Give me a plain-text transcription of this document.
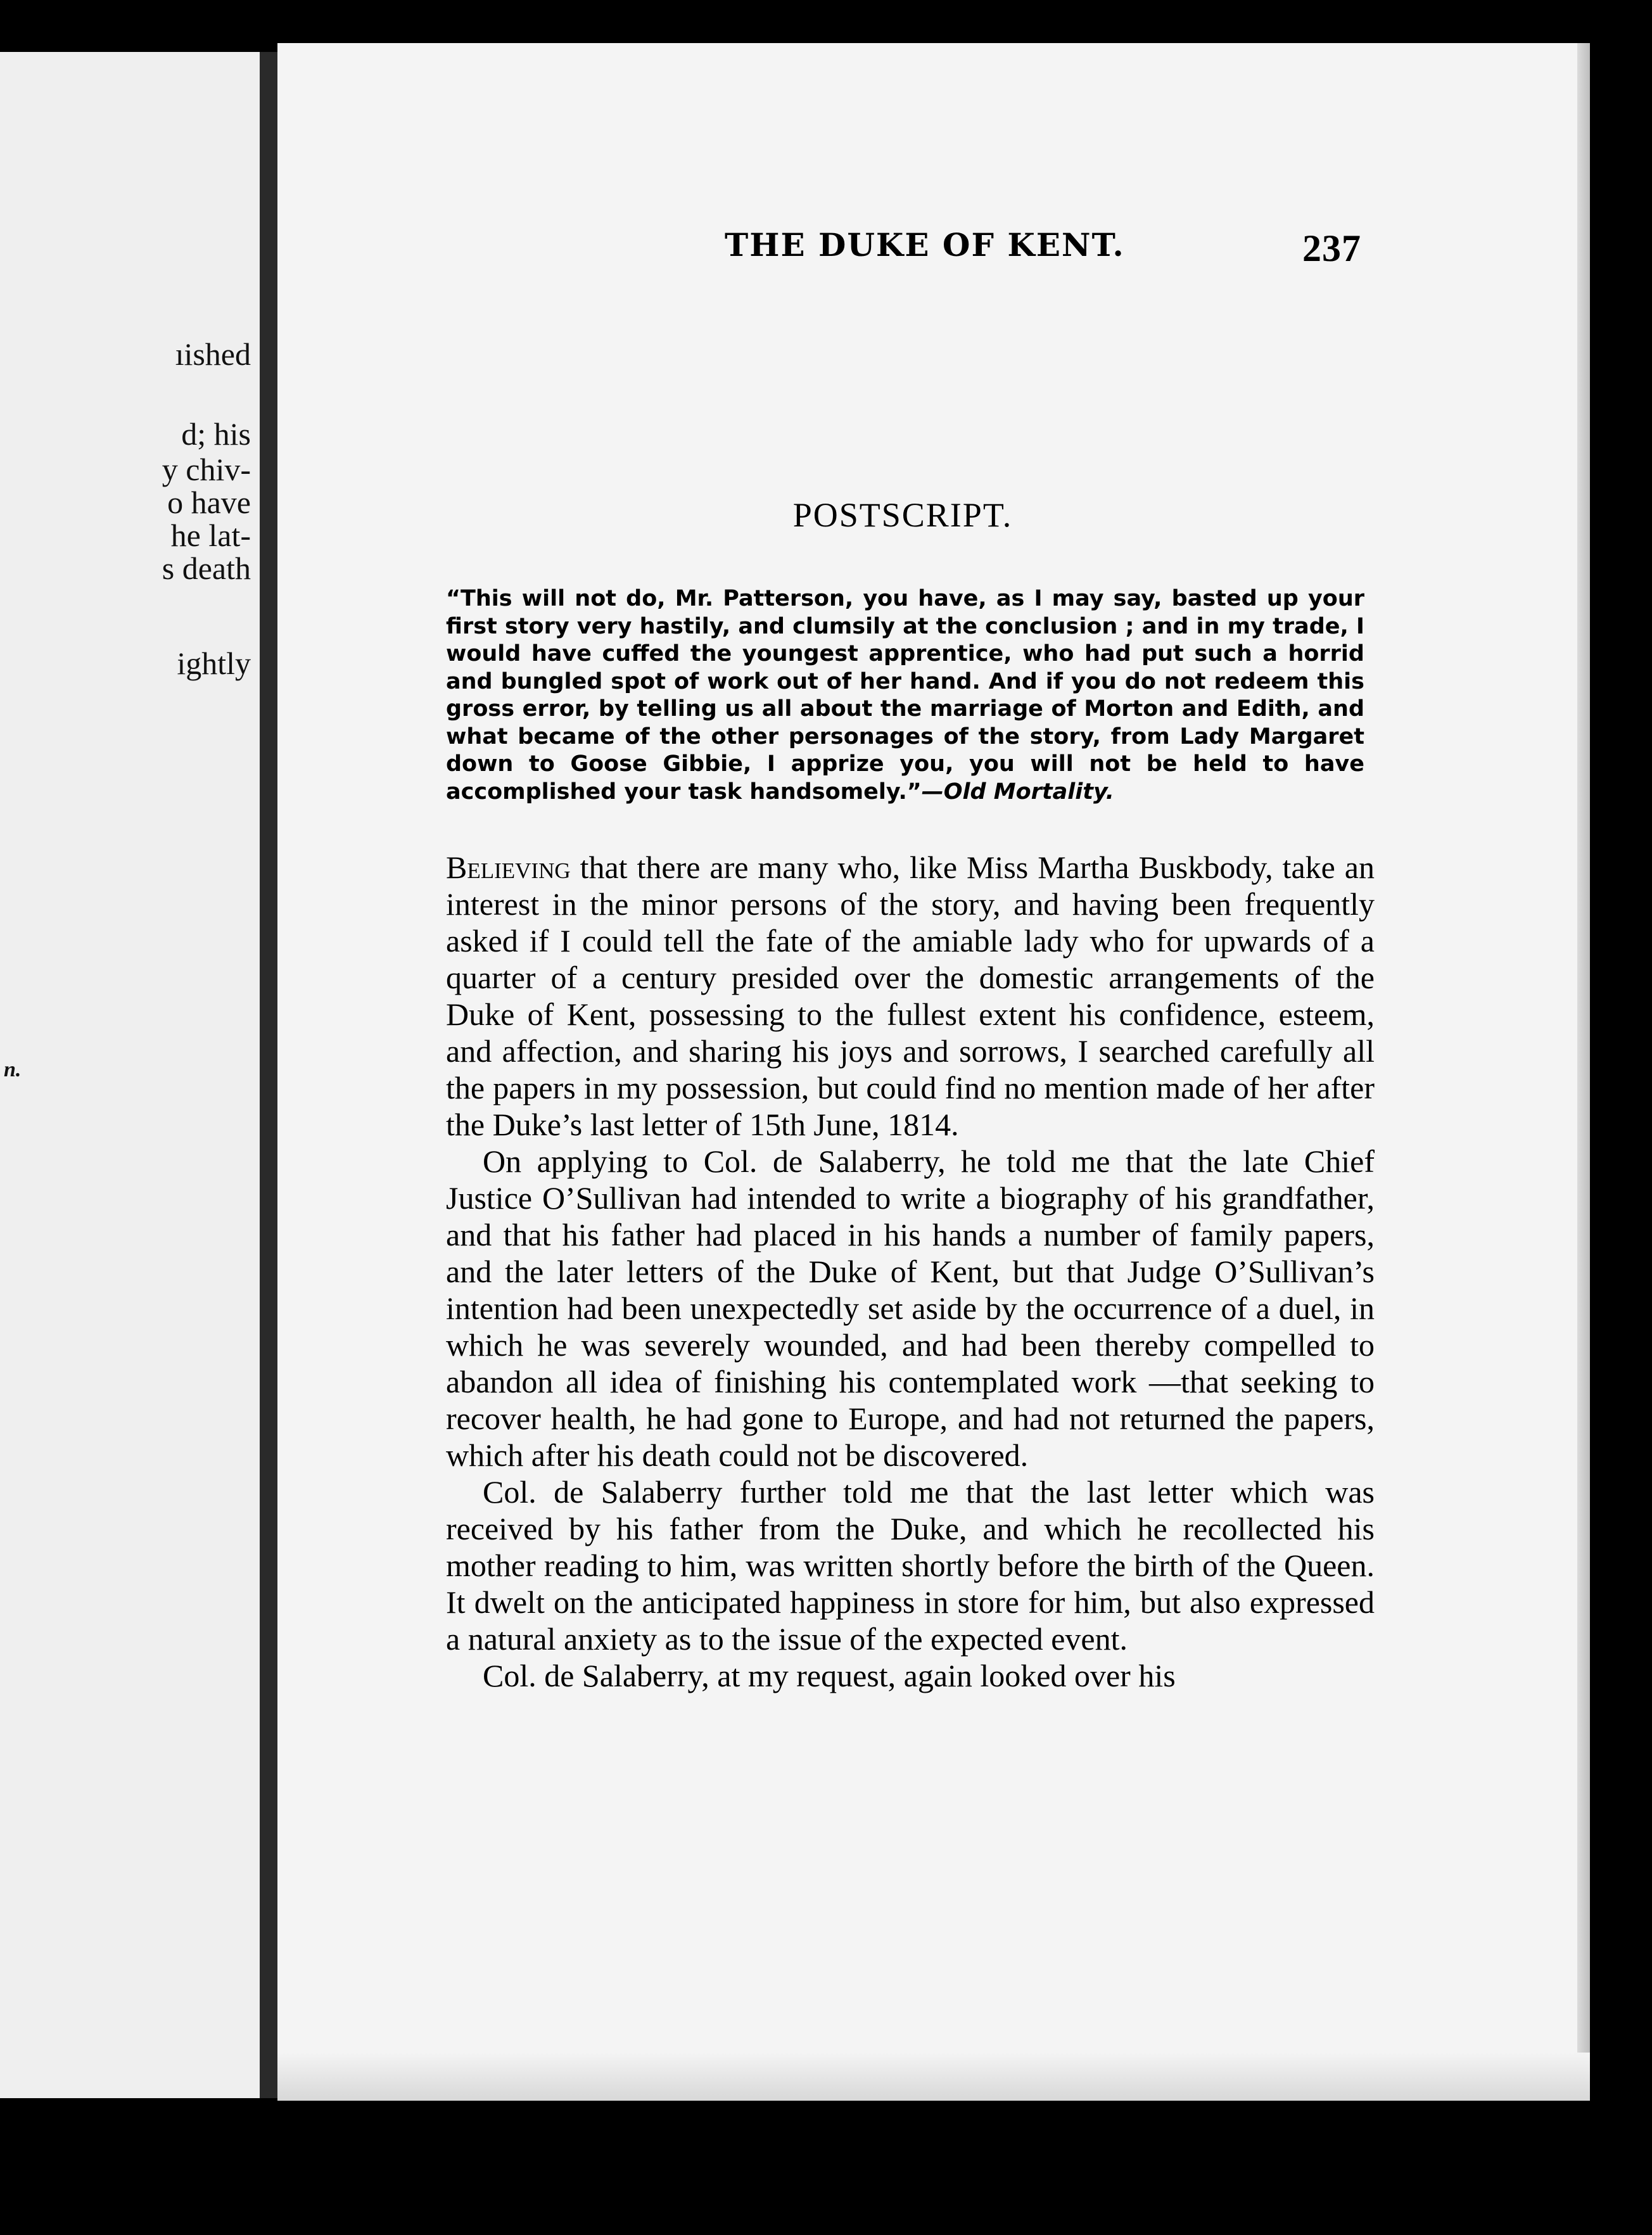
ıished
d; his
y chiv-
o have
he lat-
s death
ightly
n.
THE DUKE OF KENT.	237
POSTSCRIPT.
“This will not do, Mr. Patterson, you have, as I may say, basted up your first story very hastily, and clumsily at the conclusion ; and in my trade, I would have cuffed the youngest apprentice, who had put such a horrid and bungled spot of work out of her hand. And if you do not redeem this gross error, by telling us all about the marriage of Morton and Edith, and what became of the other personages of the story, from Lady Margaret down to Goose Gibbie, I apprize you, you will not be held to have accomplished your task handsomely.”—Old Mortality.

Believing that there are many who, like Miss Martha Buskbody, take an interest in the minor persons of the story, and having been frequently asked if I could tell the fate of the amiable lady who for upwards of a quarter of a century presided over the domestic arrangements of the Duke of Kent, possessing to the fullest extent his confidence, esteem, and affection, and sharing his joys and sorrows, I searched carefully all the papers in my possession, but could find no mention made of her after the Duke’s last letter of 15th June, 1814.

On applying to Col. de Salaberry, he told me that the late Chief Justice O’Sullivan had intended to write a biography of his grandfather, and that his father had placed in his hands a number of family papers, and the later letters of the Duke of Kent, but that Judge O’Sullivan’s intention had been unexpectedly set aside by the occurrence of a duel, in which he was severely wounded, and had been thereby compelled to abandon all idea of finishing his contemplated work —that seeking to recover health, he had gone to Europe, and had not returned the papers, which after his death could not be discovered.

Col. de Salaberry further told me that the last letter which was received by his father from the Duke, and which he recollected his mother reading to him, was written shortly before the birth of the Queen. It dwelt on the anticipated happiness in store for him, but also expressed a natural anxiety as to the issue of the expected event.

Col. de Salaberry, at my request, again looked over his
